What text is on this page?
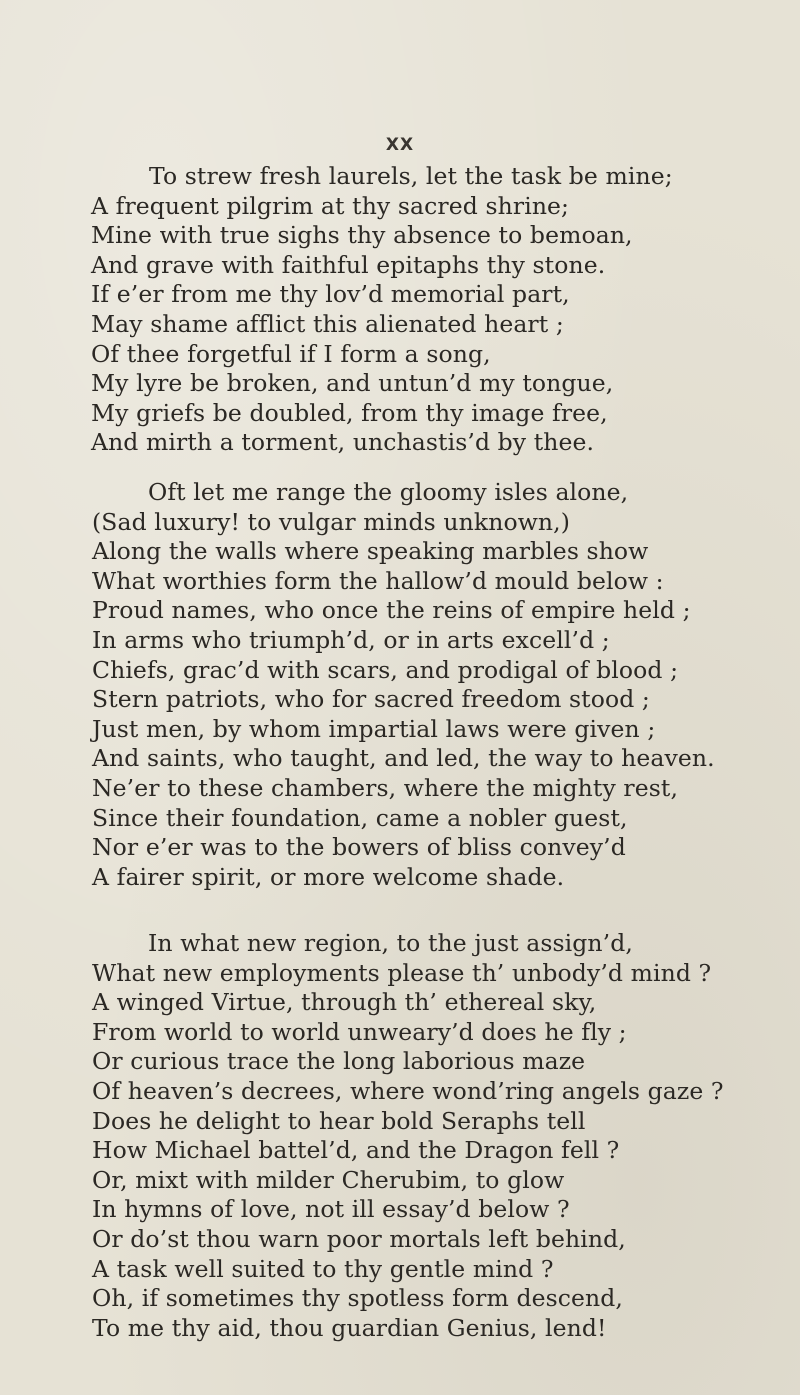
XX
To strew fresh laurels, let the task be mine;
A frequent pilgrim at thy sacred shrine;
Mine with true sighs thy absence to bemoan,
And grave with faithful epitaphs thy stone.
If e’er from me thy lov’d memorial part,
May shame afflict this alienated heart ;
Of thee forgetful if I form a song,
My lyre be broken, and untun’d my tongue,
My griefs be doubled, from thy image free,
And mirth a torment, unchastis’d by thee.
Oft let me range the gloomy isles alone,
(Sad luxury! to vulgar minds unknown,)
Along the walls where speaking marbles show
What worthies form the hallow’d mould below :
Proud names, who once the reins of empire held ;
In arms who triumph’d, or in arts excell’d ;
Chiefs, grac’d with scars, and prodigal of blood ;
Stern patriots, who for sacred freedom stood ;
Just men, by whom impartial laws were given ;
And saints, who taught, and led, the way to heaven.
Ne’er to these chambers, where the mighty rest,
Since their foundation, came a nobler guest,
Nor e’er was to the bowers of bliss convey’d
A fairer spirit, or more welcome shade.
In what new region, to the just assign’d,
What new employments please th’ unbody’d mind ?
A winged Virtue, through th’ ethereal sky,
From world to world unweary’d does he fly ;
Or curious trace the long laborious maze
Of heaven’s decrees, where wond’ring angels gaze ?
Does he delight to hear bold Seraphs tell
How Michael battel’d, and the Dragon fell ?
Or, mixt with milder Cherubim, to glow
In hymns of love, not ill essay’d below ?
Or do’st thou warn poor mortals left behind,
A task well suited to thy gentle mind ?
Oh, if sometimes thy spotless form descend,
To me thy aid, thou guardian Genius, lend!
